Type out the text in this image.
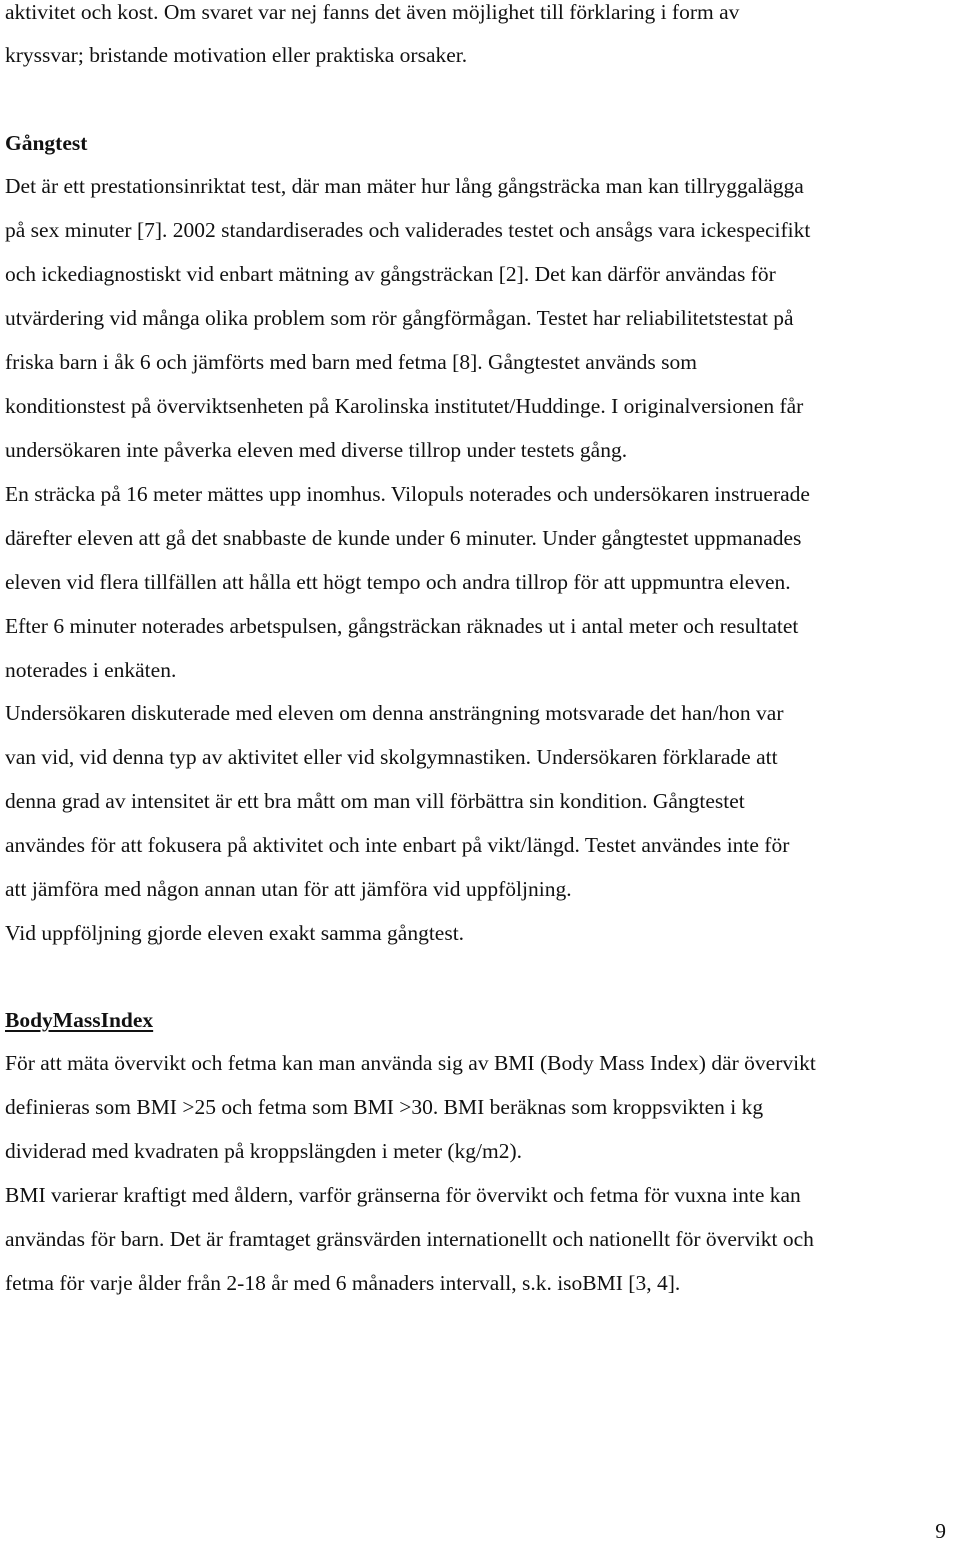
aktivitet och kost. Om svaret var nej fanns det även möjlighet till förklaring i form av
kryssvar; bristande motivation eller praktiska orsaker.
Gångtest
Det är ett prestationsinriktat test, där man mäter hur lång gångsträcka man kan tillryggalägga
på sex minuter [7]. 2002 standardiserades och validerades testet och ansågs vara ickespecifikt
och ickediagnostiskt vid enbart mätning av gångsträckan [2]. Det kan därför användas för
utvärdering vid många olika problem som rör gångförmågan. Testet har reliabilitetstestat på
friska barn i åk 6 och jämförts med barn med fetma [8]. Gångtestet används som
konditionstest på överviktsenheten på Karolinska institutet/Huddinge. I originalversionen får
undersökaren inte påverka eleven med diverse tillrop under testets gång.
En sträcka på 16 meter mättes upp inomhus. Vilopuls noterades och undersökaren instruerade
därefter eleven att gå det snabbaste de kunde under 6 minuter. Under gångtestet uppmanades
eleven vid flera tillfällen att hålla ett högt tempo och andra tillrop för att uppmuntra eleven.
Efter 6 minuter noterades arbetspulsen, gångsträckan räknades ut i antal meter och resultatet
noterades i enkäten.
Undersökaren diskuterade med eleven om denna ansträngning motsvarade det han/hon var
van vid, vid denna typ av aktivitet eller vid skolgymnastiken. Undersökaren förklarade att
denna grad av intensitet är ett bra mått om man vill förbättra sin kondition. Gångtestet
användes för att fokusera på aktivitet och inte enbart på vikt/längd. Testet användes inte för
att jämföra med någon annan utan för att jämföra vid uppföljning.
Vid uppföljning gjorde eleven exakt samma gångtest.
BodyMassIndex
För att mäta övervikt och fetma kan man använda sig av BMI (Body Mass Index) där övervikt
definieras som BMI >25 och fetma som BMI >30. BMI beräknas som kroppsvikten i kg
dividerad med kvadraten på kroppslängden i meter (kg/m2).
BMI varierar kraftigt med åldern, varför gränserna för övervikt och fetma för vuxna inte kan
användas för barn. Det är framtaget gränsvärden internationellt och nationellt för övervikt och
fetma för varje ålder från 2-18 år med 6 månaders intervall, s.k. isoBMI [3, 4].
9
